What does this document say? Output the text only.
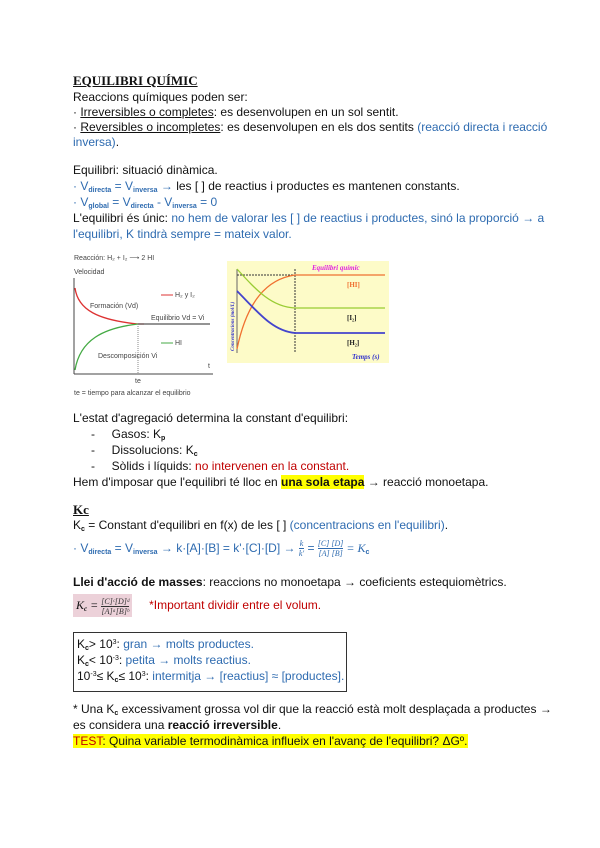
EQUILIBRI QUÍMIC
Reaccions químiques poden ser:
· Irreversibles o completes: es desenvolupen en un sol sentit.
· Reversibles o incompletes: es desenvolupen en els dos sentits (reacció directa i reacció
inversa).
Equilibri: situació dinàmica.
· $V_{directa} = V_{inversa}$ → les [ ] de reactius i productes es mantenen constants.
· $V_{global} = V_{directa} - V_{inversa} = 0$
L'equilibri és únic: no hem de valorar les [ ] de reactius i productes, sinó la proporció → a
l'equilibri, K tindrà sempre = mateix valor.
Reacción: H₂ + I₂ ⟶ 2 HI
Velocidad
H₂ y I₂
Formación (Vd)
Equilibrio Vd = Vi
HI
Descomposición Vi
t
te
te = tiempo para alcanzar el equilibrio
Equilibri químic
[HI]
[I₂]
[H₂]
Temps (s)
Concentracions (mol/L)
L'estat d'agregació determina la constant d'equilibri:
- Gasos: $K_p$
- Dissolucions: $K_c$
- Sòlids i líquids: no intervenen en la constant.
Hem d'imposar que l'equilibri té lloc en una sola etapa → reacció monoetapa.
Kc
$K_c$ = Constant d'equilibri en f(x) de les [ ] (concentracions en l'equilibri).
· $V_{directa} = V_{inversa} \to k\cdot[A]\cdot[B] = k'\cdot[C]\cdot[D] \to \frac{k}{k'} = \frac{[C] [D]}{[A] [B]} = K_c$
Llei d'acció de masses: reaccions no monoetapa → coeficients estequiomètrics.
$K_c = \frac{\text{[C]ᶜ[D]ᵈ}}{\text{[A]ᵃ[B]ᵇ}}$ *Important dividir entre el volum.
$K_c> 10^3$: gran → molts productes.
$K_c< 10^{-3}$: petita → molts reactius.
$10^{-3}\le K_c\le 10^3$: intermitja → [reactius] ≈ [productes].
* Una $K_c$ excessivament grossa vol dir que la reacció està molt desplaçada a productes →
es considera una reacció irreversible.
TEST: Quina variable termodinàmica influeix en l'avanç de l'equilibri? ΔGº.
